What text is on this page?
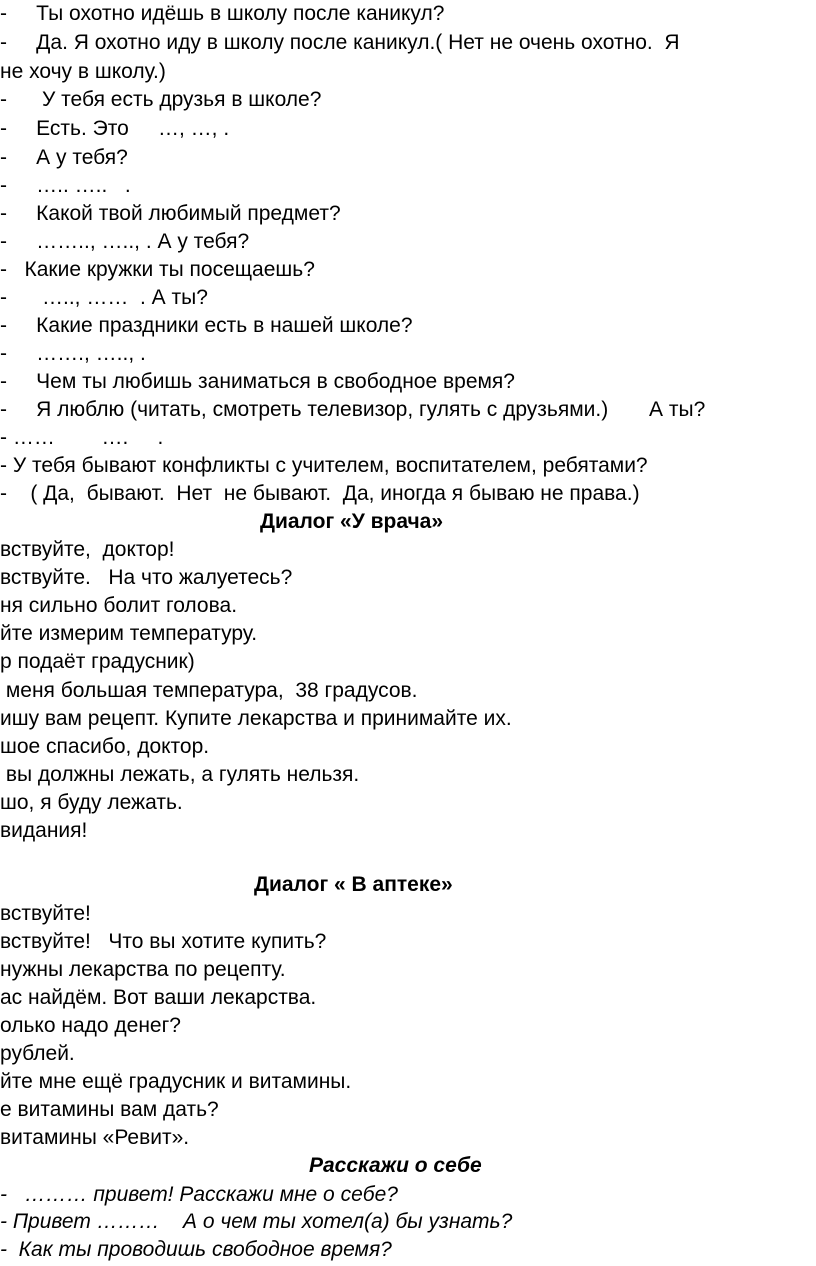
-     Ты охотно идёшь в школу после каникул?
-     Да. Я охотно иду в школу после каникул.( Нет не очень охотно.  Я
не хочу в школу.)
-      У тебя есть друзья в школе?
-     Есть. Это     …, …, .
-     А у тебя?
-     ….. …..   .
-     Какой твой любимый предмет?
-     …….., ….., . А у тебя?
-   Какие кружки ты посещаешь?
-      ….., ……  . А ты?
-     Какие праздники есть в нашей школе?
-     ……., ….., .
-     Чем ты любишь заниматься в свободное время?
-     Я люблю (читать, смотреть телевизор, гулять с друзьями.)       А ты?
- ……        ….     .
- У тебя бывают конфликты с учителем, воспитателем, ребятами?
-    ( Да,  бывают.  Нет  не бывают.  Да, иногда я бываю не права.)
Диалог «У врача»
вствуйте,  доктор!
вствуйте.   На что жалуетесь?
ня сильно болит голова.
йте измерим температуру.
р подаёт градусник)
меня большая температура,  38 градусов.
ишу вам рецепт. Купите лекарства и принимайте их.
шое спасибо, доктор.
вы должны лежать, а гулять нельзя.
шо, я буду лежать.
видания!
Диалог « В аптеке»
вствуйте!
вствуйте!   Что вы хотите купить?
нужны лекарства по рецепту.
ас найдём. Вот ваши лекарства.
олько надо денег?
рублей.
йте мне ещё градусник и витамины.
е витамины вам дать?
витамины «Ревит».
Расскажи о себе
-   ……… привет! Расскажи мне о себе?
- Привет ………    А о чем ты хотел(а) бы узнать?
-  Как ты проводишь свободное время?
